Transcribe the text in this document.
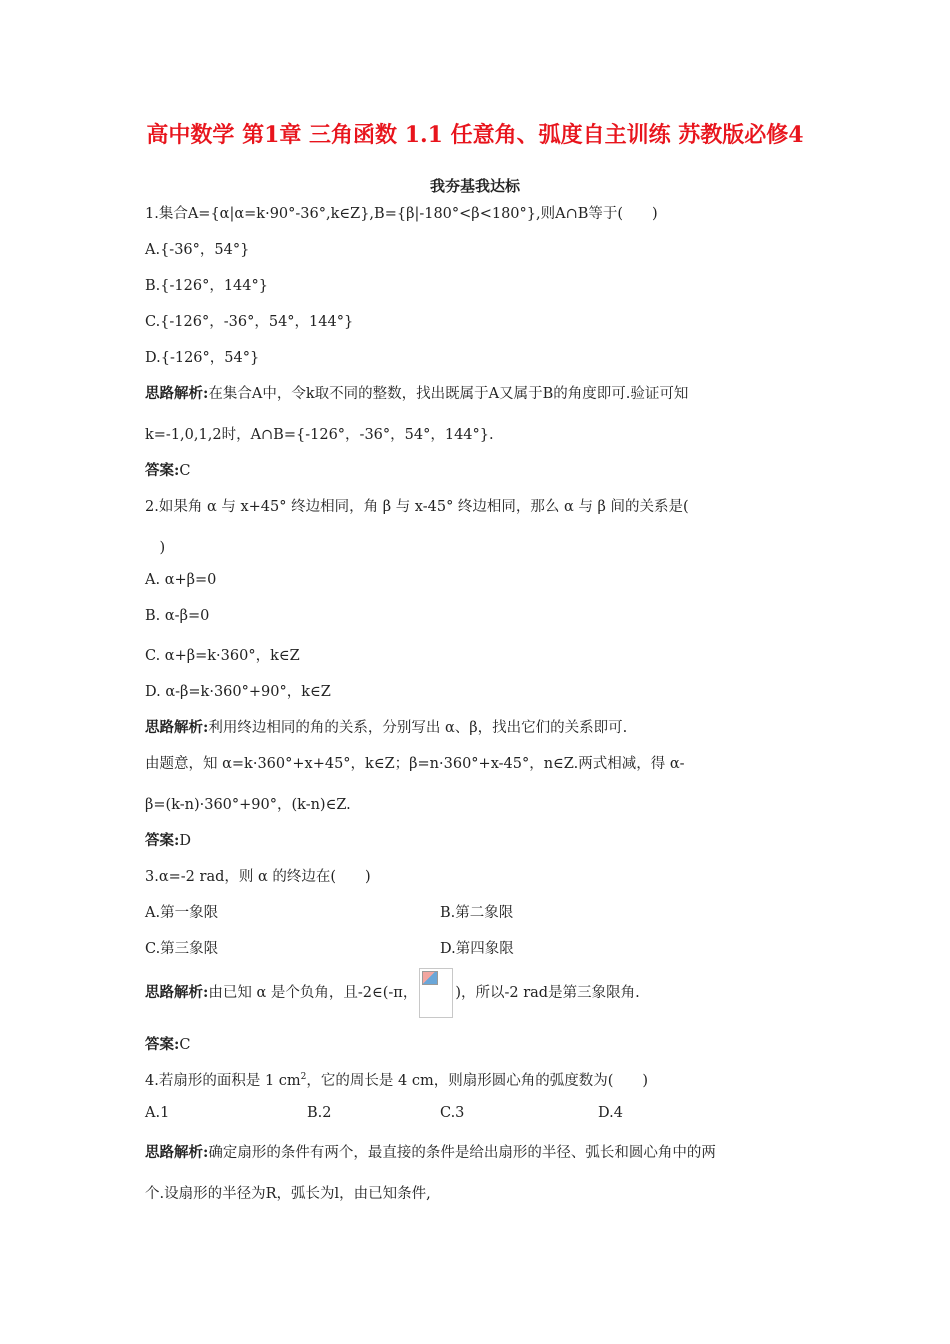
高中数学 第1章 三角函数 1.1 任意角、弧度自主训练 苏教版必修4
我夯基我达标
1.集合A={α|α=k·90°-36°,k∈Z},B={β|-180°<β<180°},则A∩B等于(　　)
A.{-36°，54°}
B.{-126°，144°}
C.{-126°，-36°，54°，144°}
D.{-126°，54°}
思路解析:在集合A中，令k取不同的整数，找出既属于A又属于B的角度即可.验证可知
k=-1,0,1,2时，A∩B={-126°，-36°，54°，144°}.
答案:C
2.如果角 α 与 x+45° 终边相同，角 β 与 x-45° 终边相同，那么 α 与 β 间的关系是(
　)
A. α+β=0
B. α-β=0
C. α+β=k·360°，k∈Z
D. α-β=k·360°+90°，k∈Z
思路解析:利用终边相同的角的关系，分别写出 α、β，找出它们的关系即可.
由题意，知 α=k·360°+x+45°，k∈Z；β=n·360°+x-45°，n∈Z.两式相减，得 α-
β=(k-n)·360°+90°，(k-n)∈Z.
答案:D
3.α=-2 rad，则 α 的终边在(　　)
A.第一象限	B.第二象限
C.第三象限	D.第四象限
思路解析:由已知 α 是个负角，且-2∈(-π，	)，所以-2 rad是第三象限角.
答案:C
4.若扇形的面积是 1 $cm^2$，它的周长是 4 cm，则扇形圆心角的弧度数为(　　)
A.1	B.2	C.3	D.4
思路解析:确定扇形的条件有两个，最直接的条件是给出扇形的半径、弧长和圆心角中的两
个.设扇形的半径为R，弧长为l，由已知条件,
